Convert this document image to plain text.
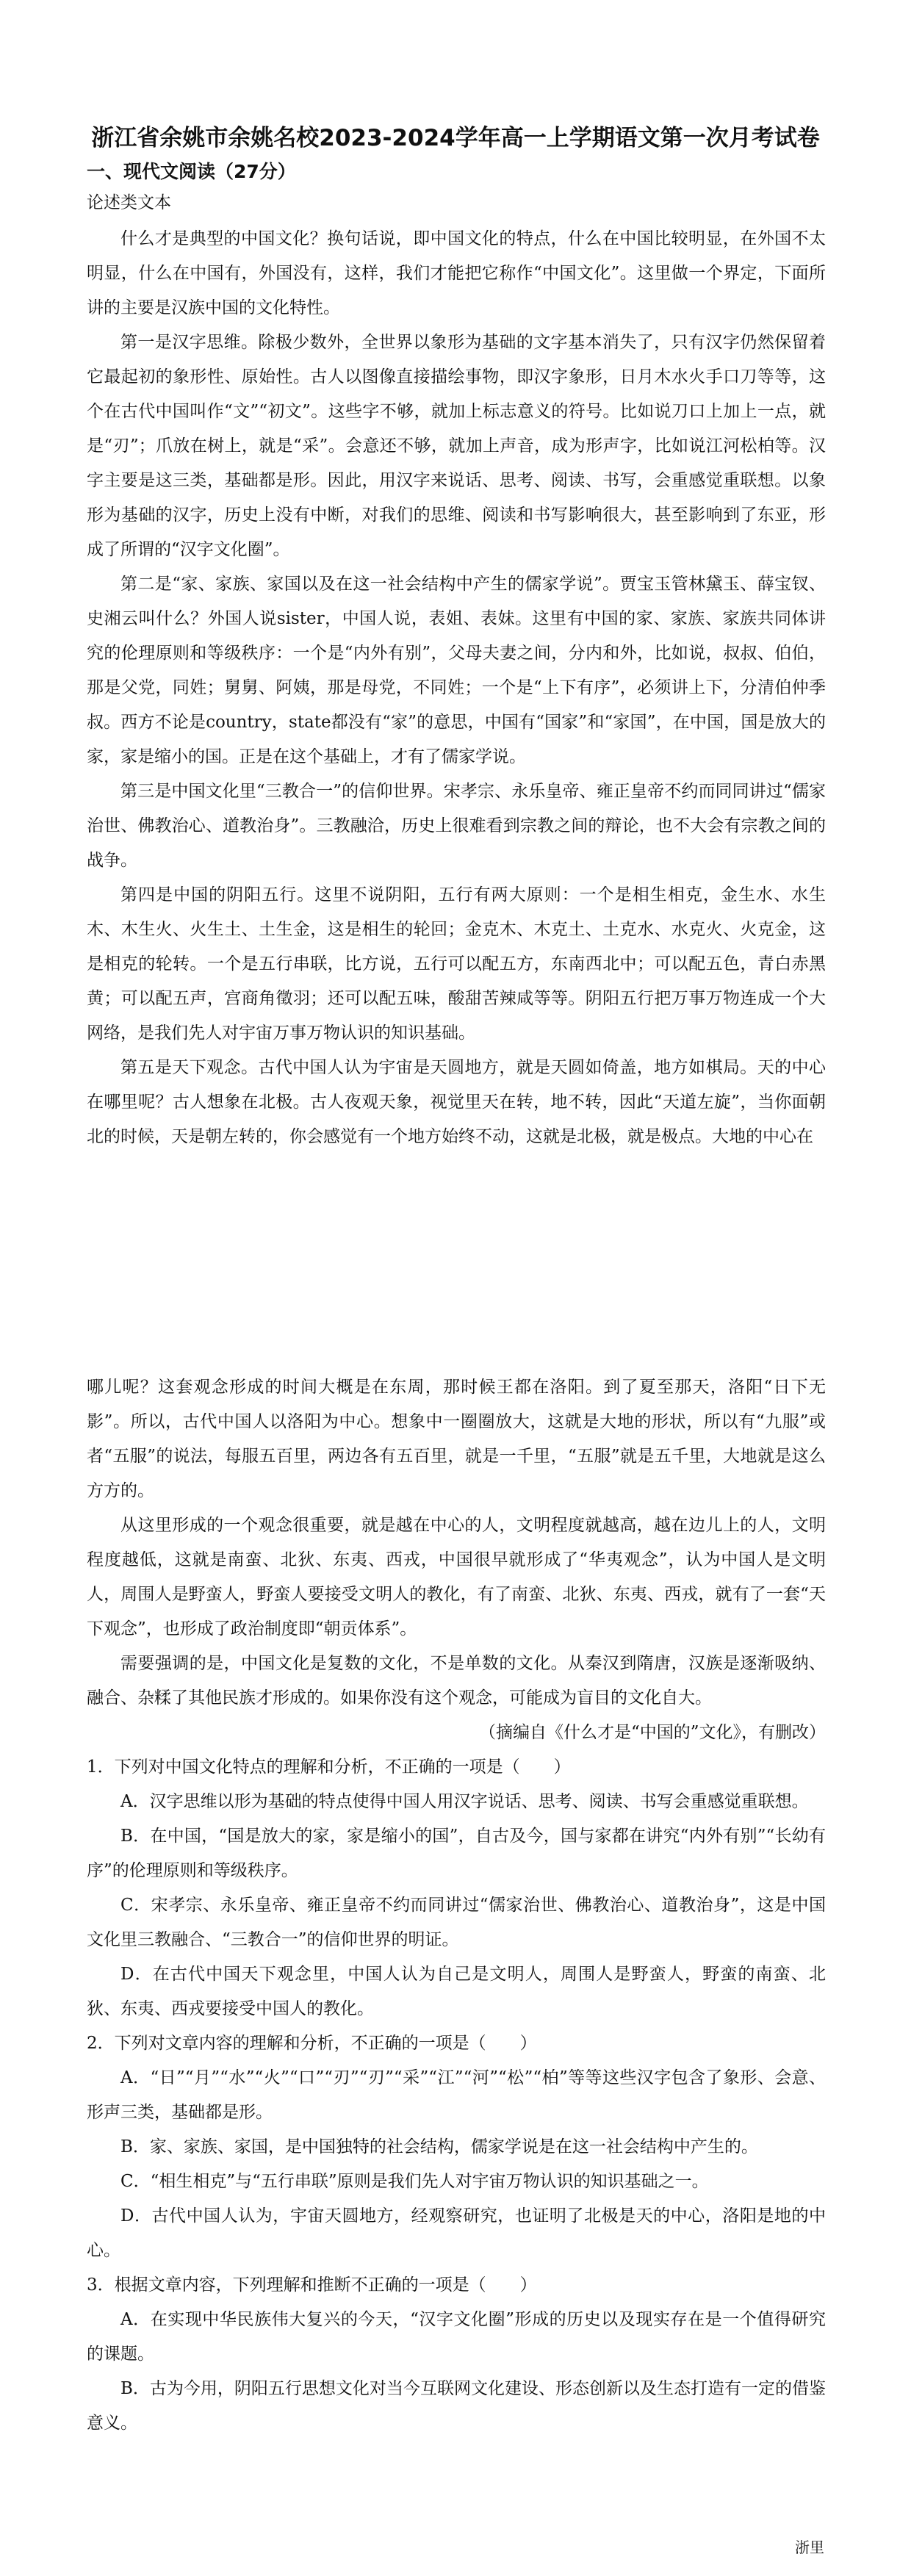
浙江省余姚市余姚名校2023-2024学年高一上学期语文第一次月考试卷
一、现代文阅读（27分）
论述类文本

什么才是典型的中国文化？换句话说，即中国文化的特点，什么在中国比较明显，在外国不太明显，什么在中国有，外国没有，这样，我们才能把它称作“中国文化”。这里做一个界定，下面所讲的主要是汉族中国的文化特性。

第一是汉字思维。除极少数外，全世界以象形为基础的文字基本消失了，只有汉字仍然保留着它最起初的象形性、原始性。古人以图像直接描绘事物，即汉字象形，日月木水火手口刀等等，这个在古代中国叫作“文”“初文”。这些字不够，就加上标志意义的符号。比如说刀口上加上一点，就是“刃”；爪放在树上，就是“采”。会意还不够，就加上声音，成为形声字，比如说江河松柏等。汉字主要是这三类，基础都是形。因此，用汉字来说话、思考、阅读、书写，会重感觉重联想。以象形为基础的汉字，历史上没有中断，对我们的思维、阅读和书写影响很大，甚至影响到了东亚，形成了所谓的“汉字文化圈”。

第二是“家、家族、家国以及在这一社会结构中产生的儒家学说”。贾宝玉管林黛玉、薛宝钗、史湘云叫什么？外国人说sister，中国人说，表姐、表妹。这里有中国的家、家族、家族共同体讲究的伦理原则和等级秩序：一个是“内外有别”，父母夫妻之间，分内和外，比如说，叔叔、伯伯，那是父党，同姓；舅舅、阿姨，那是母党，不同姓；一个是“上下有序”，必须讲上下，分清伯仲季叔。西方不论是country，state都没有“家”的意思，中国有“国家”和“家国”，在中国，国是放大的家，家是缩小的国。正是在这个基础上，才有了儒家学说。

第三是中国文化里“三教合一”的信仰世界。宋孝宗、永乐皇帝、雍正皇帝不约而同同讲过“儒家治世、佛教治心、道教治身”。三教融洽，历史上很难看到宗教之间的辩论，也不大会有宗教之间的战争。

第四是中国的阴阳五行。这里不说阴阳，五行有两大原则：一个是相生相克，金生水、水生木、木生火、火生土、土生金，这是相生的轮回；金克木、木克土、土克水、水克火、火克金，这是相克的轮转。一个是五行串联，比方说，五行可以配五方，东南西北中；可以配五色，青白赤黑黄；可以配五声，宫商角徵羽；还可以配五味，酸甜苦辣咸等等。阴阳五行把万事万物连成一个大网络，是我们先人对宇宙万事万物认识的知识基础。

第五是天下观念。古代中国人认为宇宙是天圆地方，就是天圆如倚盖，地方如棋局。天的中心在哪里呢？古人想象在北极。古人夜观天象，视觉里天在转，地不转，因此“天道左旋”，当你面朝北的时候，天是朝左转的，你会感觉有一个地方始终不动，这就是北极，就是极点。大地的中心在

哪儿呢？这套观念形成的时间大概是在东周，那时候王都在洛阳。到了夏至那天，洛阳“日下无影”。所以，古代中国人以洛阳为中心。想象中一圈圈放大，这就是大地的形状，所以有“九服”或者“五服”的说法，每服五百里，两边各有五百里，就是一千里，“五服”就是五千里，大地就是这么方方的。

从这里形成的一个观念很重要，就是越在中心的人，文明程度就越高，越在边儿上的人，文明程度越低，这就是南蛮、北狄、东夷、西戎，中国很早就形成了“华夷观念”，认为中国人是文明人，周围人是野蛮人，野蛮人要接受文明人的教化，有了南蛮、北狄、东夷、西戎，就有了一套“天下观念”，也形成了政治制度即“朝贡体系”。

需要强调的是，中国文化是复数的文化，不是单数的文化。从秦汉到隋唐，汉族是逐渐吸纳、融合、杂糅了其他民族才形成的。如果你没有这个观念，可能成为盲目的文化自大。

（摘编自《什么才是“中国的”文化》，有删改）

1．下列对中国文化特点的理解和分析，不正确的一项是（　　）

A．汉字思维以形为基础的特点使得中国人用汉字说话、思考、阅读、书写会重感觉重联想。

B．在中国，“国是放大的家，家是缩小的国”，自古及今，国与家都在讲究“内外有别”“长幼有序”的伦理原则和等级秩序。

C．宋孝宗、永乐皇帝、雍正皇帝不约而同讲过“儒家治世、佛教治心、道教治身”，这是中国文化里三教融合、“三教合一”的信仰世界的明证。

D．在古代中国天下观念里，中国人认为自己是文明人，周围人是野蛮人，野蛮的南蛮、北狄、东夷、西戎要接受中国人的教化。

2．下列对文章内容的理解和分析，不正确的一项是（　　）

A．“日”“月”“水”“火”“口”“刃”“刃”“采”“江”“河”“松”“柏”等等这些汉字包含了象形、会意、形声三类，基础都是形。

B．家、家族、家国，是中国独特的社会结构，儒家学说是在这一社会结构中产生的。

C．“相生相克”与“五行串联”原则是我们先人对宇宙万物认识的知识基础之一。

D．古代中国人认为，宇宙天圆地方，经观察研究，也证明了北极是天的中心，洛阳是地的中心。

3．根据文章内容，下列理解和推断不正确的一项是（　　）

A．在实现中华民族伟大复兴的今天，“汉字文化圈”形成的历史以及现实存在是一个值得研究的课题。

B．古为今用，阴阳五行思想文化对当今互联网文化建设、形态创新以及生态打造有一定的借鉴意义。

浙里
